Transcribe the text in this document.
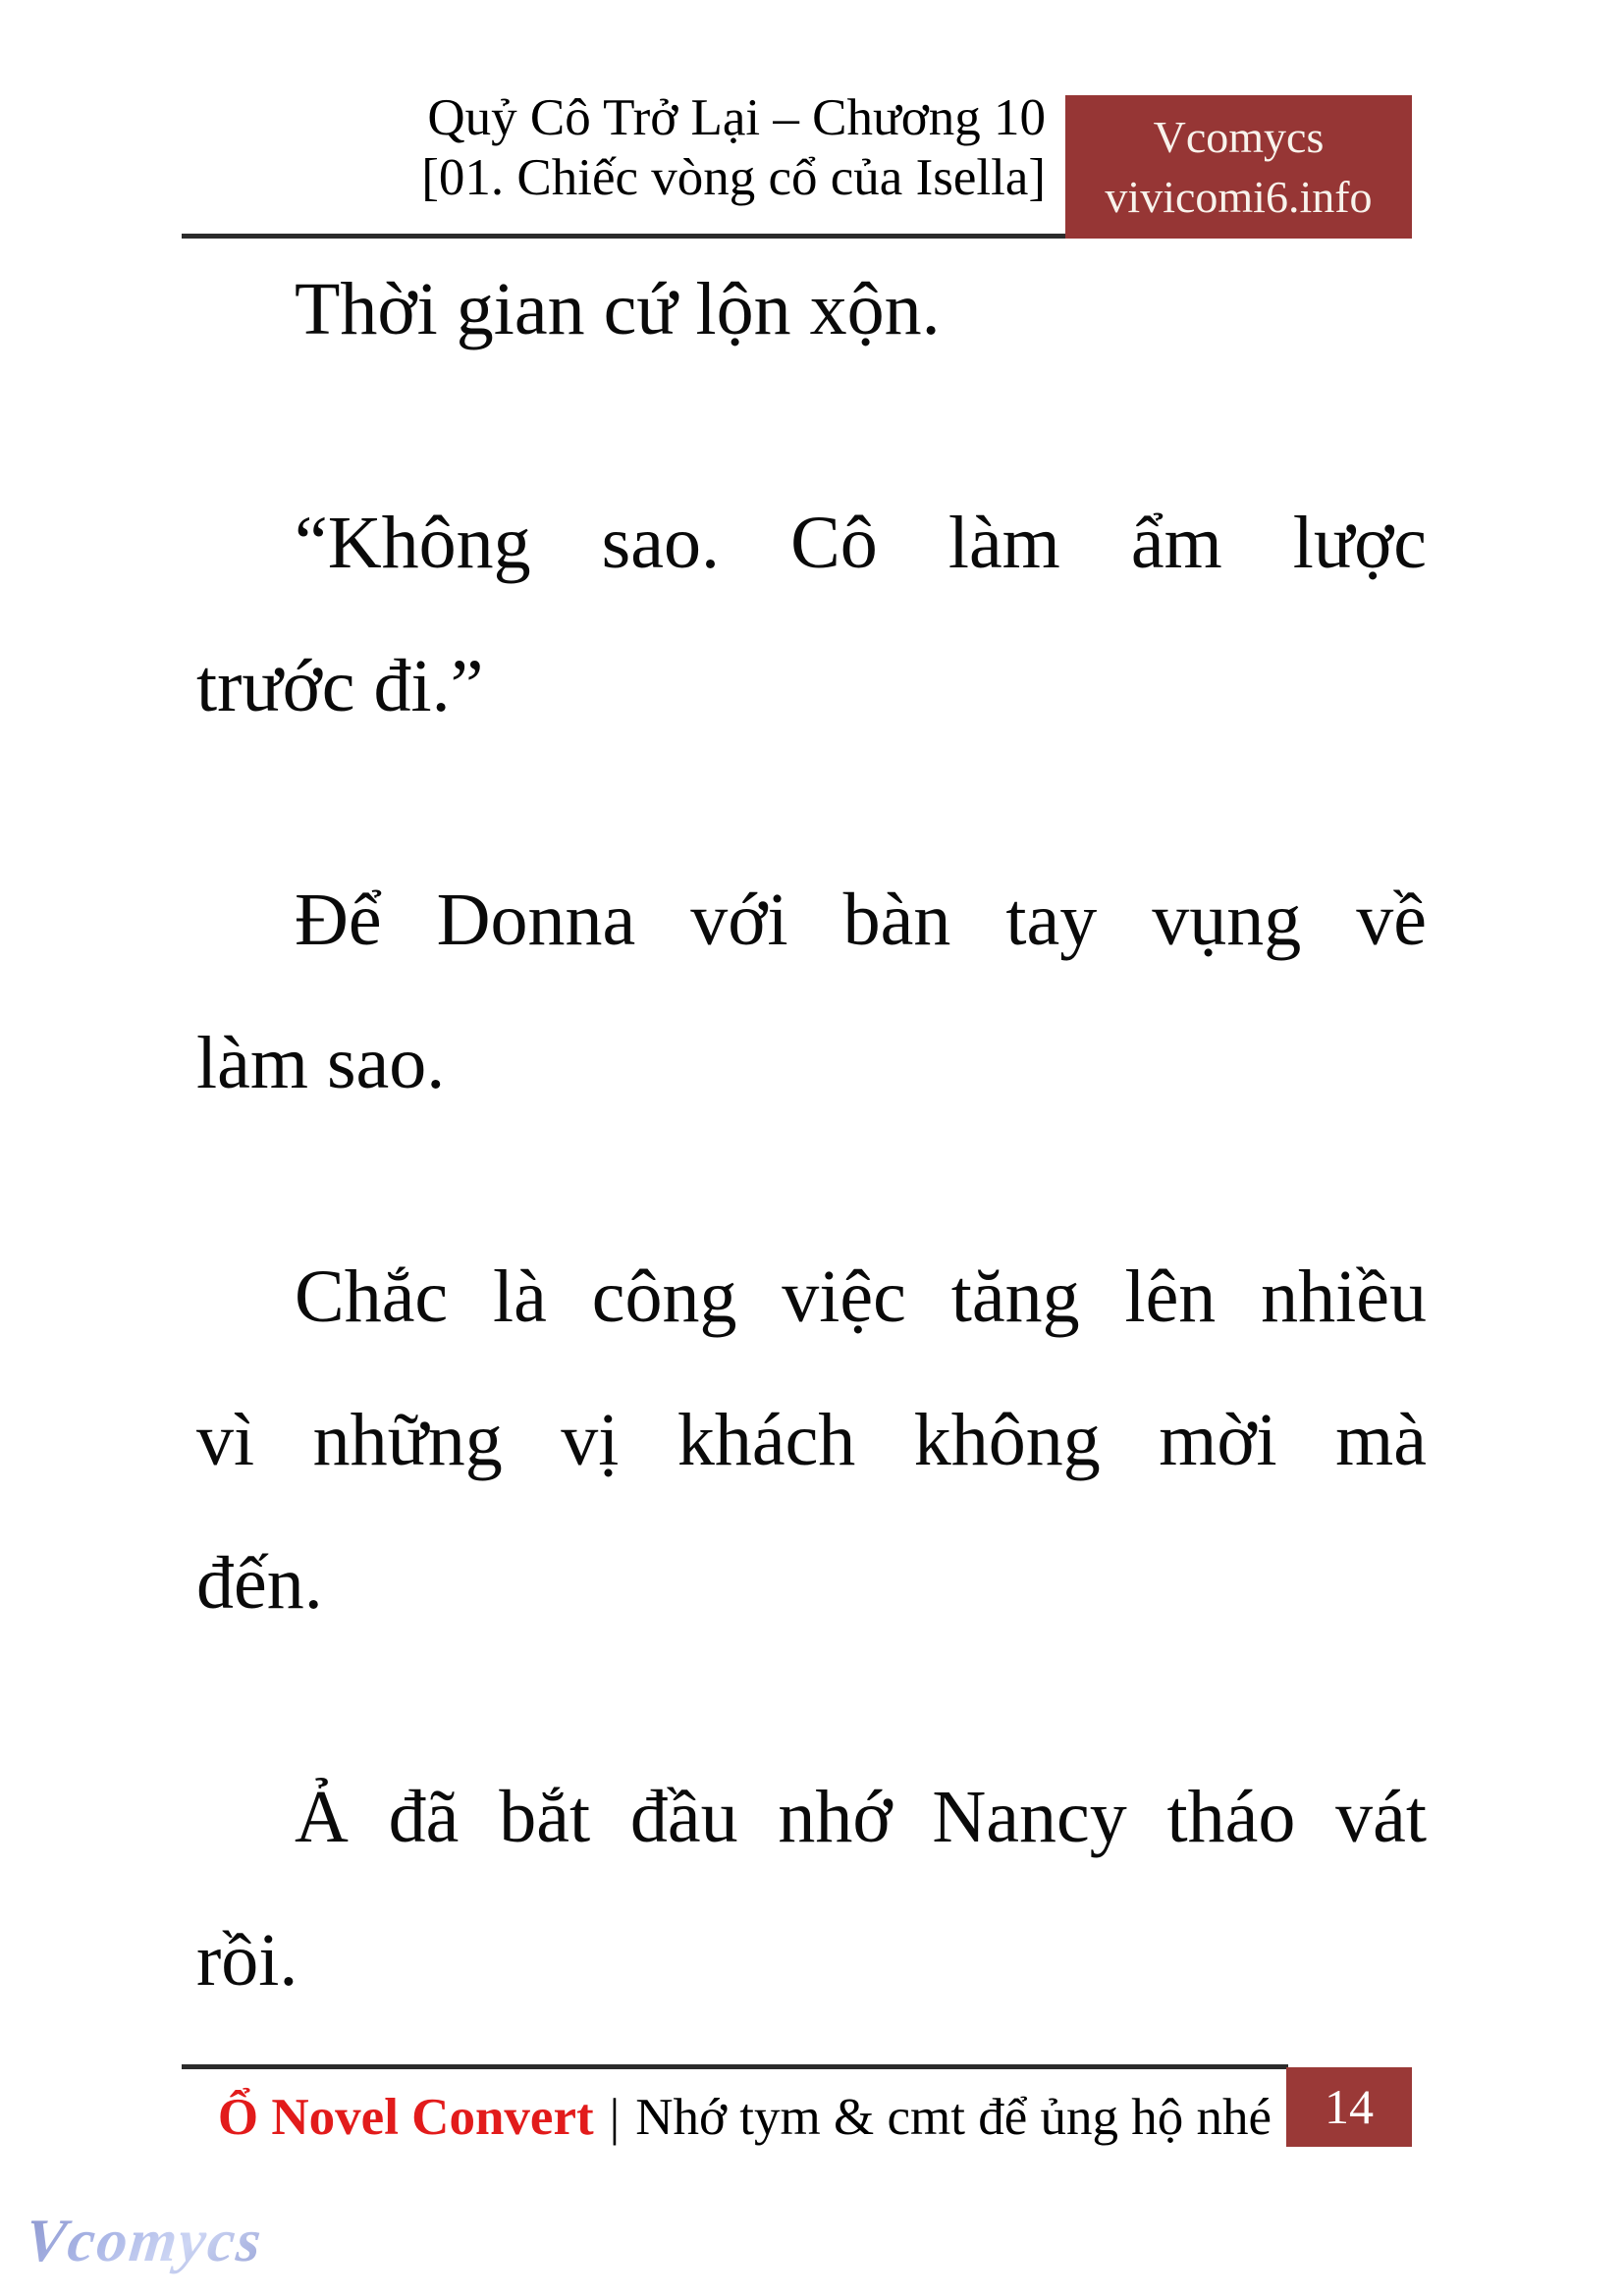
Quỷ Cô Trở Lại – Chương 10
[01. Chiếc vòng cổ của Isella]
Vcomycs
vivicomi6.info
Thời gian cứ lộn xộn.
“Không sao. Cô làm ẩm lược
trước đi.”
Để Donna với bàn tay vụng về
làm sao.
Chắc là công việc tăng lên nhiều
vì những vị khách không mời mà
đến.
Ả đã bắt đầu nhớ Nancy tháo vát
rồi.
Ổ Novel Convert | Nhớ tym & cmt để ủng hộ nhé	14
Vcomycs
